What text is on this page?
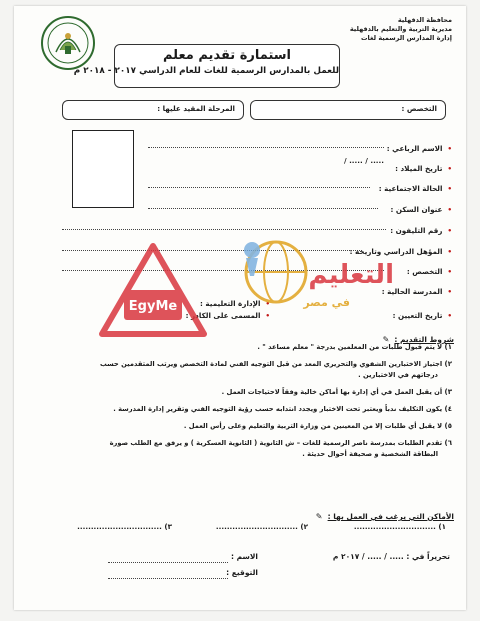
محافظة الدقهلية
مديرية التربية والتعليم بالدقهلية
إدارة المدارس الرسمية لغات
استمارة تقديم معلم
للعمل بالمدارس الرسمية للغات للعام الدراسي ٢٠١٧ - ٢٠١٨ م
التخصص :
المرحلة المقيد عليها :
• الاسم الرباعي :
• تاريخ الميلاد :
..... / ..... /
• الحالة الاجتماعية :
• عنوان السكن :
• رقم التليفون :
• المؤهل الدراسي وتاريخه :
• التخصص :
• المدرسة الحالية :
• الإدارة التعليمية :
• تاريخ التعيين :
• المسمى على الكادر :
شروط التقديم : ✎
١) لا يتم قبول طلبات من المعلمين بدرجة " معلم مساعد " .
٢) اجتياز الاختبارين الشفوي والتحريري المعد من قبل التوجيه الفني لمادة التخصص ويرتب المتقدمين حسب
درجاتهم في الاختبارين .
٣) أن يقبل العمل في أي إدارة بها أماكن خالية وفقاً لاحتياجات العمل .
٤) يكون التكليف ندباً ويعتبر تحت الاختبار ويجدد انتدابه حسب رؤية التوجيه الفني وتقرير إدارة المدرسة .
٥) لا يقبل أي طلبات إلا من المعينين من وزارة التربية والتعليم وعلى رأس العمل .
٦) تقدم الطلبات بمدرسة ناصر الرسمية للغات – ش الثانوية ( الثانوية العسكرية ) و يرفق مع الطلب صورة
البطاقة الشخصية و صحيفة أحوال حديثة .
الأماكن التي يرغب في العمل بها : ✎
١) ..............................
٢) ..............................
٣) ...............................
تحريراً في : ..... / ..... / ٢٠١٧ م
الاسم :
التوقيع :
EgyMe
التعليم
في مصر
